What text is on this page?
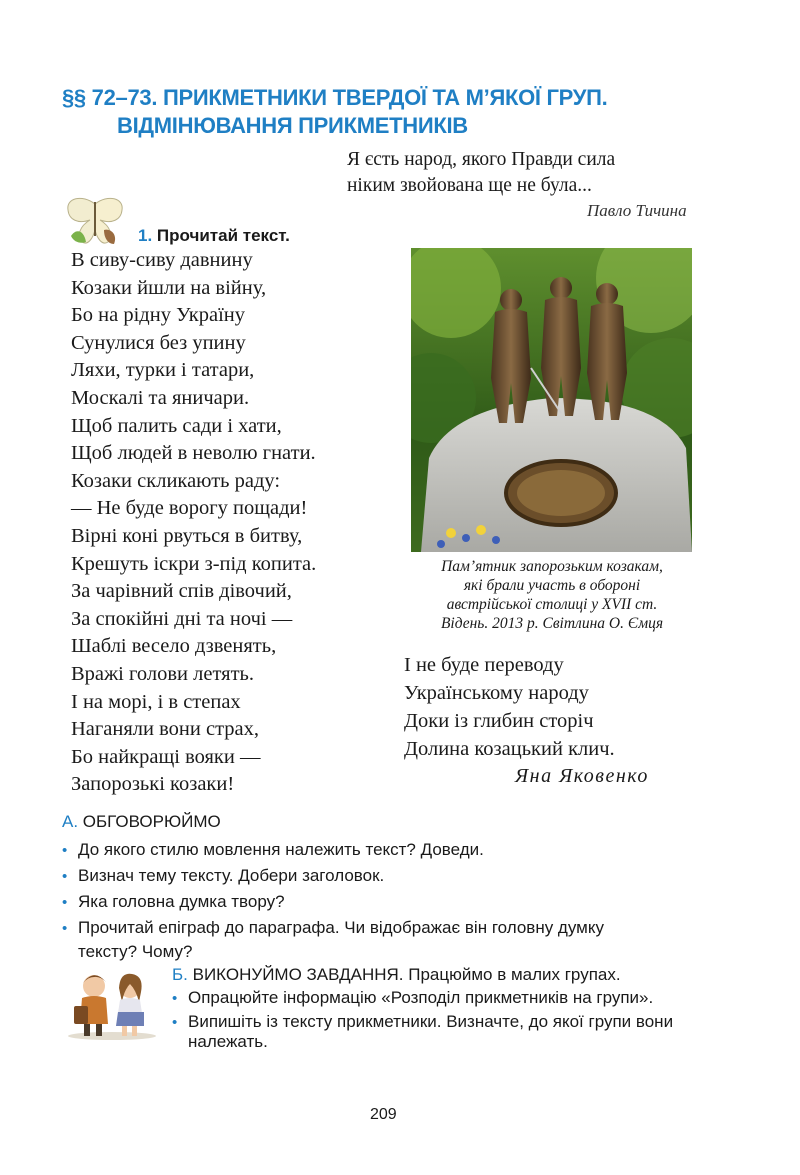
§§ 72–73. ПРИКМЕТНИКИ ТВЕРДОЇ ТА М’ЯКОЇ ГРУП.
ВІДМІНЮВАННЯ ПРИКМЕТНИКІВ
Я єсть народ, якого Правди сила
ніким звойована ще не була...
Павло Тичина
1. Прочитай текст.
В сиву-сиву давнину
Козаки йшли на війну,
Бо на рідну Україну
Сунулися без упину
Ляхи, турки і татари,
Москалі та яничари.
Щоб палить сади і хати,
Щоб людей в неволю гнати.
Козаки скликають раду:
— Не буде ворогу пощади!
Вірні коні рвуться в битву,
Крешуть іскри з-під копита.
За чарівний спів дівочий,
За спокійні дні та ночі —
Шаблі весело дзвенять,
Вражі голови летять.
І на морі, і в степах
Наганяли вони страх,
Бо найкращі вояки —
Запорозькі козаки!
Пам’ятник запорозьким козакам,
які брали участь в обороні
австрійської столиці у XVII ст.
Відень. 2013 р. Світлина О. Ємця
І не буде переводу
Українському народу
Доки із глибин сторіч
Долина козацький клич.
Яна Яковенко
А. ОБГОВОРЮЙМО
• До якого стилю мовлення належить текст? Доведи.
• Визнач тему тексту. Добери заголовок.
• Яка головна думка твору?
• Прочитай епіграф до параграфа. Чи відображає він головну думку
тексту? Чому?
Б. ВИКОНУЙМО ЗАВДАННЯ. Працюймо в малих групах.
• Опрацюйте інформацію «Розподіл прикметників на групи».
• Випишіть із тексту прикметники. Визначте, до якої групи вони
належать.
209
